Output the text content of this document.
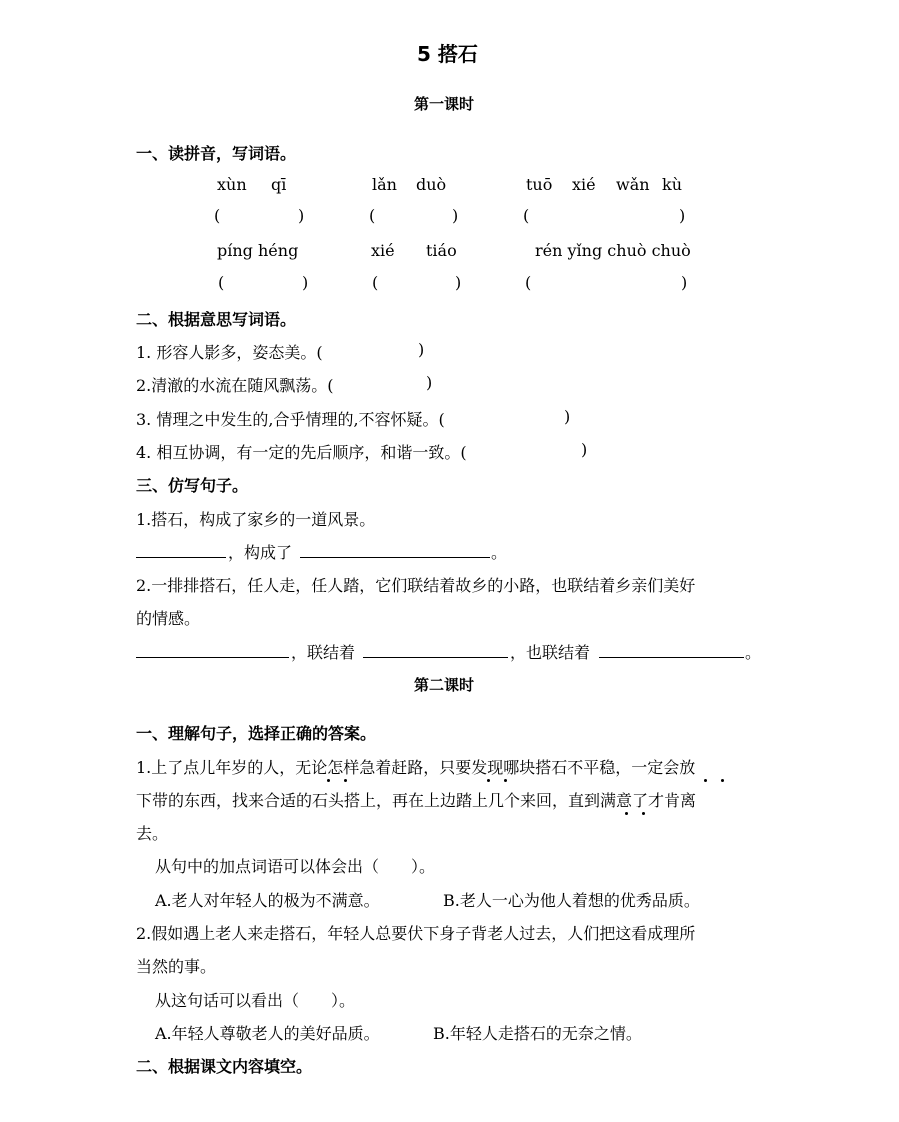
5 搭石
第一课时
一、读拼音，写词语。
xùn qī	lǎn duò	tuō xié wǎn kù
(	)	(	)	(	)
píng héng	xié tiáo	rén yǐng chuò chuò
(	)	(	)	(	)
二、根据意思写词语。
1. 形容人影多，姿态美。(	)
2.清澈的水流在随风飘荡。(	)
3. 情理之中发生的,合乎情理的,不容怀疑。(	)
4. 相互协调，有一定的先后顺序，和谐一致。(	)
三、仿写句子。
1.搭石，构成了家乡的一道风景。
，构成了	。
2.一排排搭石，任人走，任人踏，它们联结着故乡的小路，也联结着乡亲们美好
的情感。
，联结着	，也联结着	。
第二课时
一、理解句子，选择正确的答案。
1.上了点儿年岁的人，无论怎样急着赶路，只要发现哪块搭石不平稳，一定会放
下带的东西，找来合适的石头搭上，再在上边踏上几个来回，直到满意了才肯离
去。
从句中的加点词语可以体会出（　　）。
A.老人对年轻人的极为不满意。	B.老人一心为他人着想的优秀品质。
2.假如遇上老人来走搭石，年轻人总要伏下身子背老人过去，人们把这看成理所
当然的事。
从这句话可以看出（　　）。
A.年轻人尊敬老人的美好品质。	B.年轻人走搭石的无奈之情。
二、根据课文内容填空。
